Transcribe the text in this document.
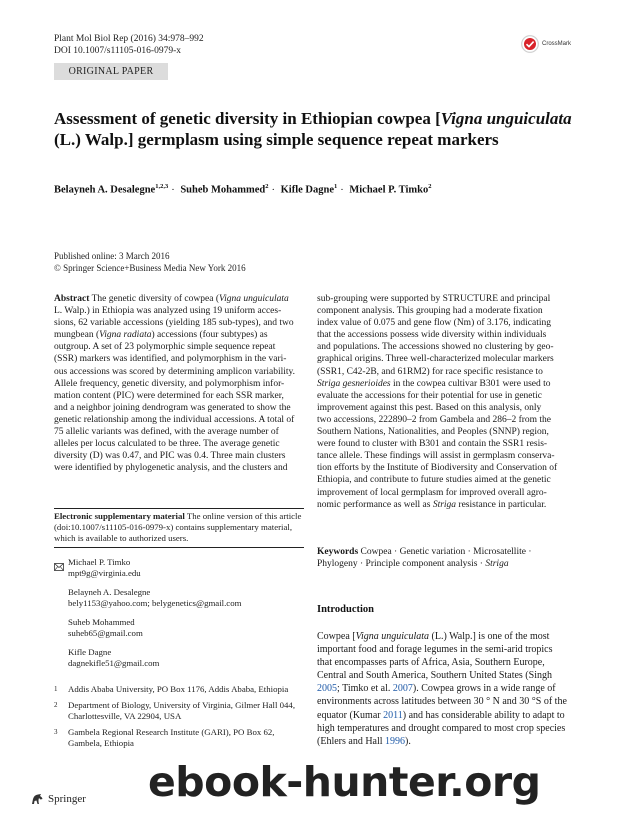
Plant Mol Biol Rep (2016) 34:978–992
DOI 10.1007/s11105-016-0979-x
CrossMark
ORIGINAL PAPER
Assessment of genetic diversity in Ethiopian cowpea [Vigna unguiculata (L.) Walp.] germplasm using simple sequence repeat markers
Belayneh A. Desalegne$^{1,2,3}$ · Suheb Mohammed$^2$ · Kifle Dagne$^1$ · Michael P. Timko$^2$
Published online: 3 March 2016
© Springer Science+Business Media New York 2016
Abstract The genetic diversity of cowpea (Vigna unguiculata
L. Walp.) in Ethiopia was analyzed using 19 uniform acces-
sions, 62 variable accessions (yielding 185 sub-types), and two
mungbean (Vigna radiata) accessions (four subtypes) as
outgroup. A set of 23 polymorphic simple sequence repeat
(SSR) markers was identified, and polymorphism in the vari-
ous accessions was scored by determining amplicon variability.
Allele frequency, genetic diversity, and polymorphism infor-
mation content (PIC) were determined for each SSR marker,
and a neighbor joining dendrogram was generated to show the
genetic relationship among the individual accessions. A total of
75 allelic variants was defined, with the average number of
alleles per locus calculated to be three. The average genetic
diversity (D) was 0.47, and PIC was 0.4. Three main clusters
were identified by phylogenetic analysis, and the clusters and
sub-grouping were supported by STRUCTURE and principal
component analysis. This grouping had a moderate fixation
index value of 0.075 and gene flow (Nm) of 3.176, indicating
that the accessions possess wide diversity within individuals
and populations. The accessions showed no clustering by geo-
graphical origins. Three well-characterized molecular markers
(SSR1, C42-2B, and 61RM2) for race specific resistance to
Striga gesnerioides in the cowpea cultivar B301 were used to
evaluate the accessions for their potential for use in genetic
improvement against this pest. Based on this analysis, only
two accessions, 222890–2 from Gambela and 286–2 from the
Southern Nations, Nationalities, and Peoples (SNNP) region,
were found to cluster with B301 and contain the SSR1 resis-
tance allele. These findings will assist in germplasm conserva-
tion efforts by the Institute of Biodiversity and Conservation of
Ethiopia, and contribute to future studies aimed at the genetic
improvement of local germplasm for improved overall agro-
nomic performance as well as Striga resistance in particular.
Electronic supplementary material The online version of this article
(doi:10.1007/s11105-016-0979-x) contains supplementary material,
which is available to authorized users.
Michael P. Timko
mpt9g@virginia.edu
Belayneh A. Desalegne
bely1153@yahoo.com; belygenetics@gmail.com
Suheb Mohammed
suheb65@gmail.com
Kifle Dagne
dagnekifle51@gmail.com
1 Addis Ababa University, PO Box 1176, Addis Ababa, Ethiopia
2 Department of Biology, University of Virginia, Gilmer Hall 044,
Charlottesville, VA 22904, USA
3 Gambela Regional Research Institute (GARI), PO Box 62,
Gambela, Ethiopia
Keywords Cowpea · Genetic variation · Microsatellite ·
Phylogeny · Principle component analysis · Striga
Introduction
Cowpea [Vigna unguiculata (L.) Walp.] is one of the most
important food and forage legumes in the semi-arid tropics
that encompasses parts of Africa, Asia, Southern Europe,
Central and South America, Southern United States (Singh
2005; Timko et al. 2007). Cowpea grows in a wide range of
environments across latitudes between 30 ° N and 30 °S of the
equator (Kumar 2011) and has considerable ability to adapt to
high temperatures and drought compared to most crop species
(Ehlers and Hall 1996).
Springer ebook-hunter.org
